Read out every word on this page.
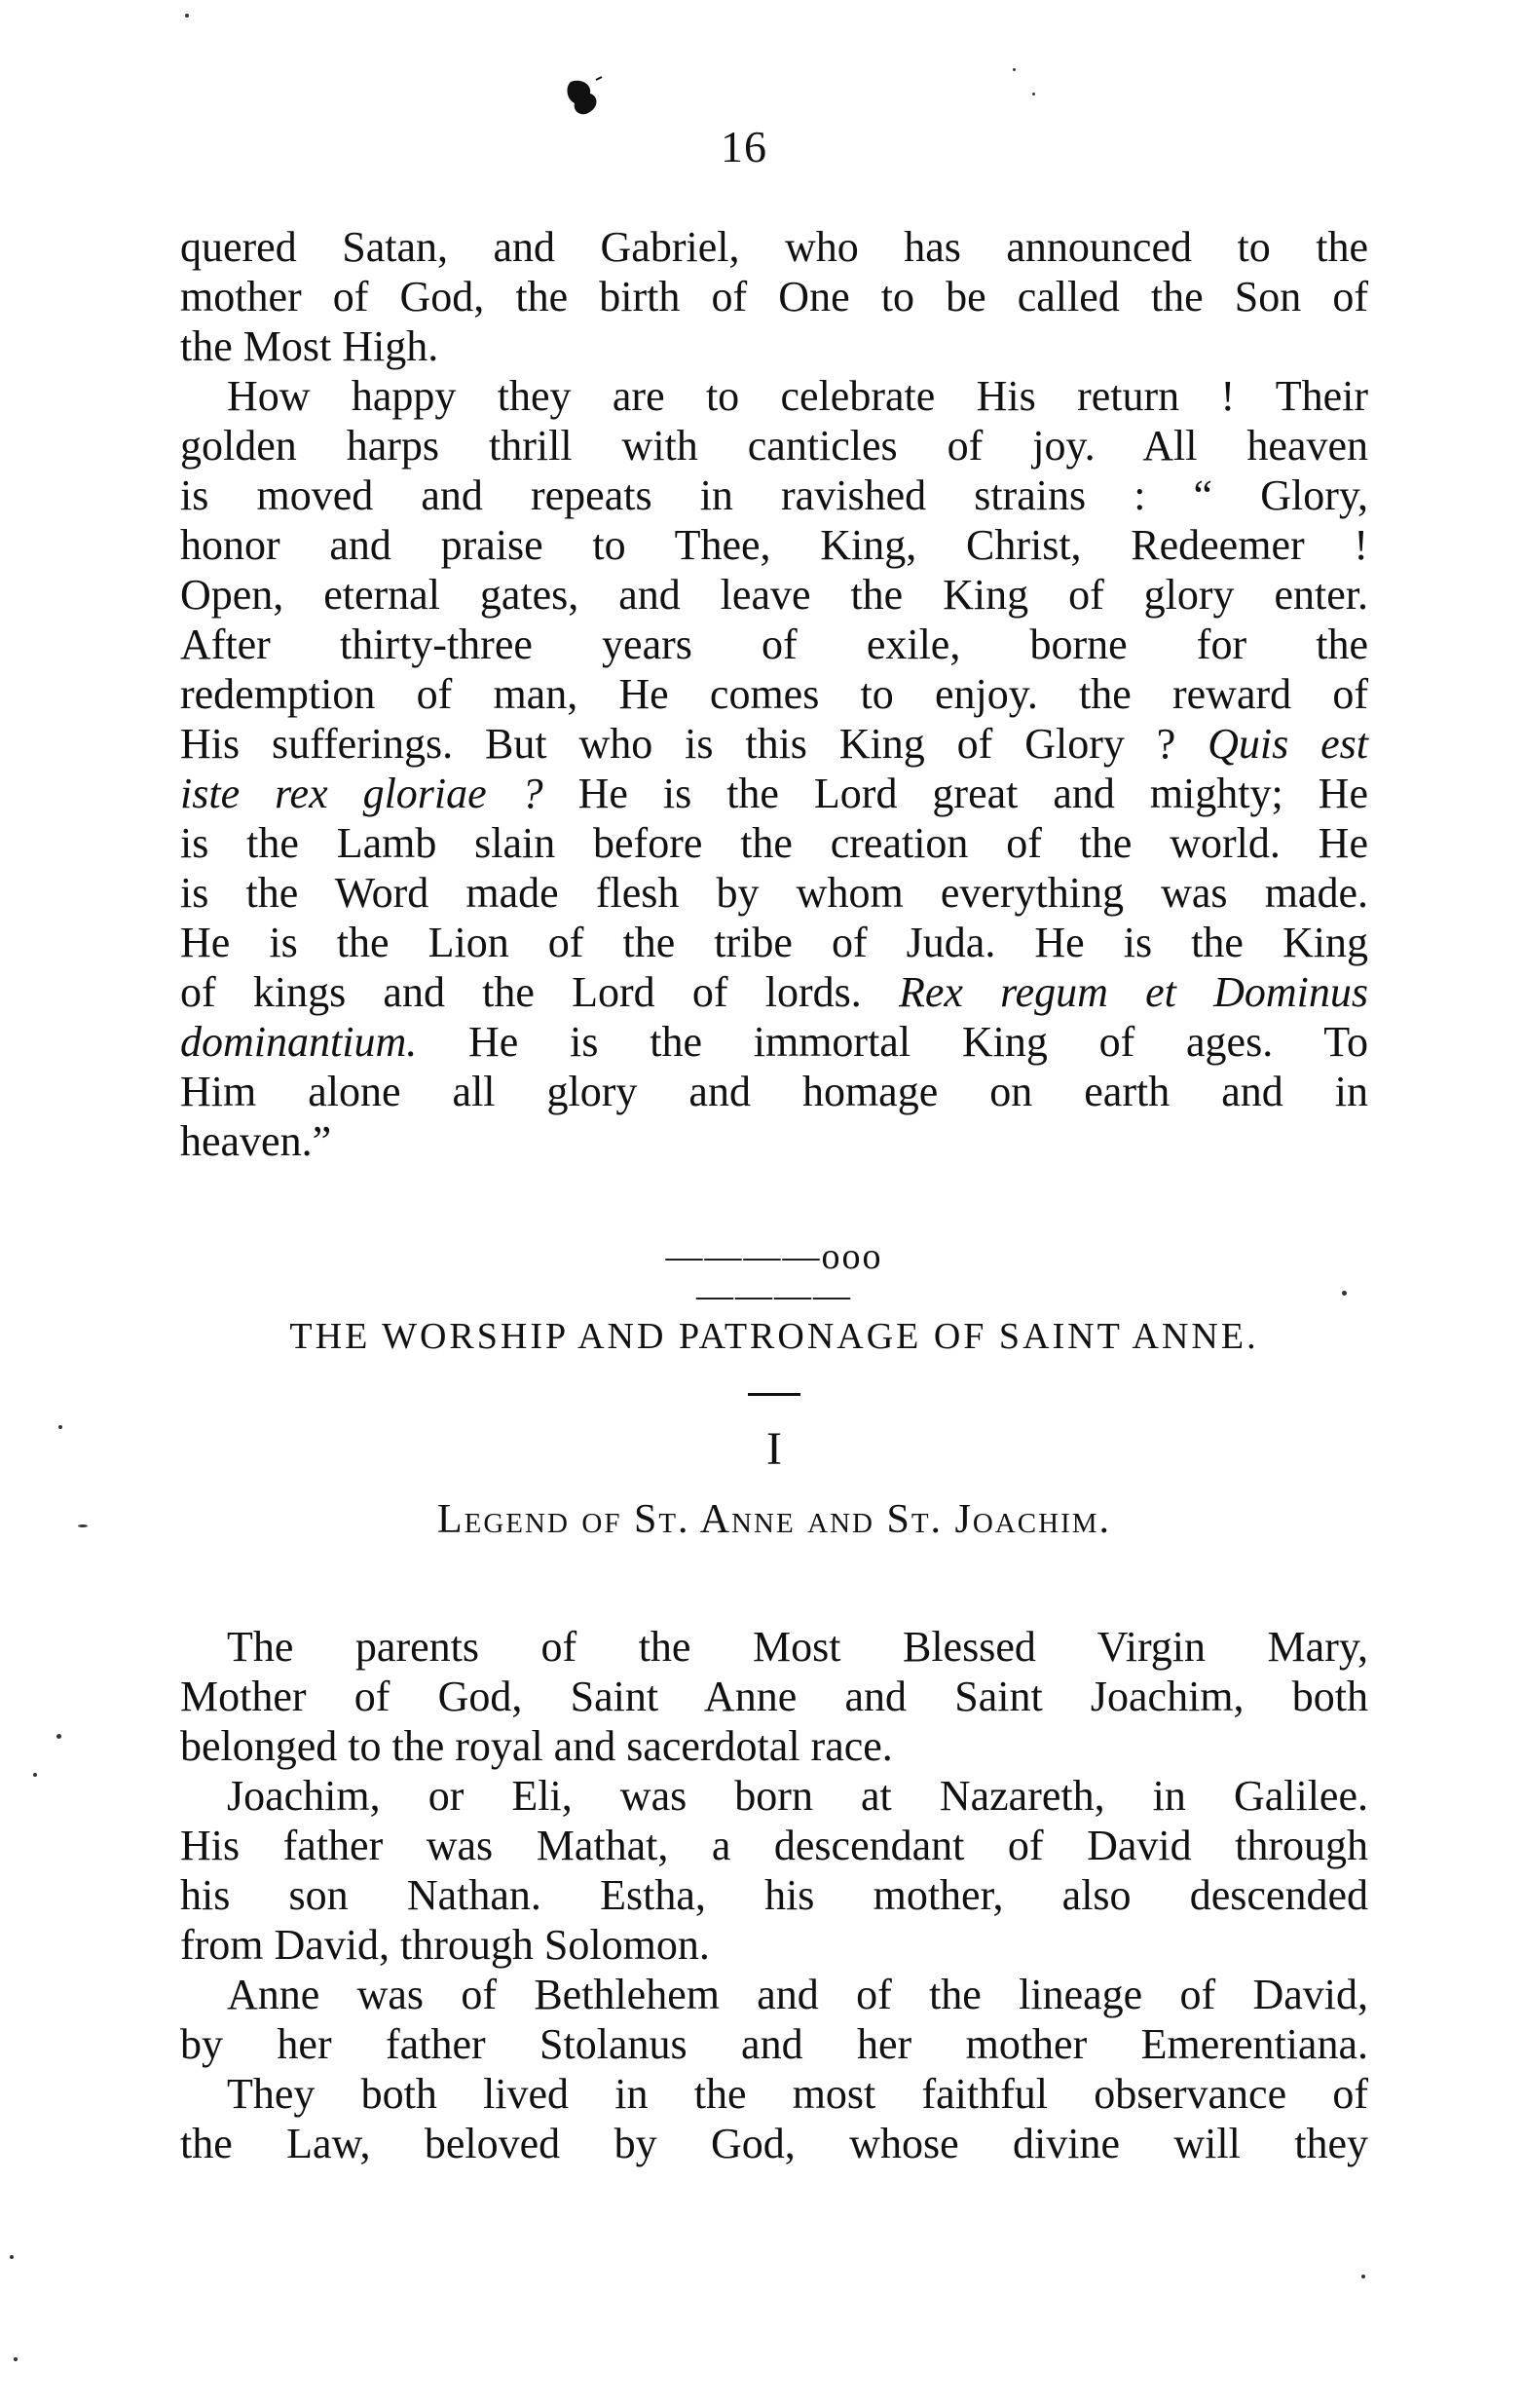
16
quered Satan, and Gabriel, who has announced to the
mother of God, the birth of One to be called the Son of
the Most High.
How happy they are to celebrate His return ! Their
golden harps thrill with canticles of joy. All heaven
is moved and repeats in ravished strains : “ Glory,
honor and praise to Thee, King, Christ, Redeemer !
Open, eternal gates, and leave the King of glory enter.
After thirty-three years of exile, borne for the
redemption of man, He comes to enjoy. the reward of
His sufferings. But who is this King of Glory ? Quis est
iste rex gloriae ? He is the Lord great and mighty; He
is the Lamb slain before the creation of the world. He
is the Word made flesh by whom everything was made.
He is the Lion of the tribe of Juda. He is the King
of kings and the Lord of lords. Rex regum et Dominus
dominantium. He is the immortal King of ages. To
Him alone all glory and homage on earth and in
heaven.”
————ooo————
THE WORSHIP AND PATRONAGE OF SAINT ANNE.
I
Legend of St. Anne and St. Joachim.
The parents of the Most Blessed Virgin Mary,
Mother of God, Saint Anne and Saint Joachim, both
belonged to the royal and sacerdotal race.
Joachim, or Eli, was born at Nazareth, in Galilee.
His father was Mathat, a descendant of David through
his son Nathan. Estha, his mother, also descended
from David, through Solomon.
Anne was of Bethlehem and of the lineage of David,
by her father Stolanus and her mother Emerentiana.
They both lived in the most faithful observance of
the Law, beloved by God, whose divine will they
